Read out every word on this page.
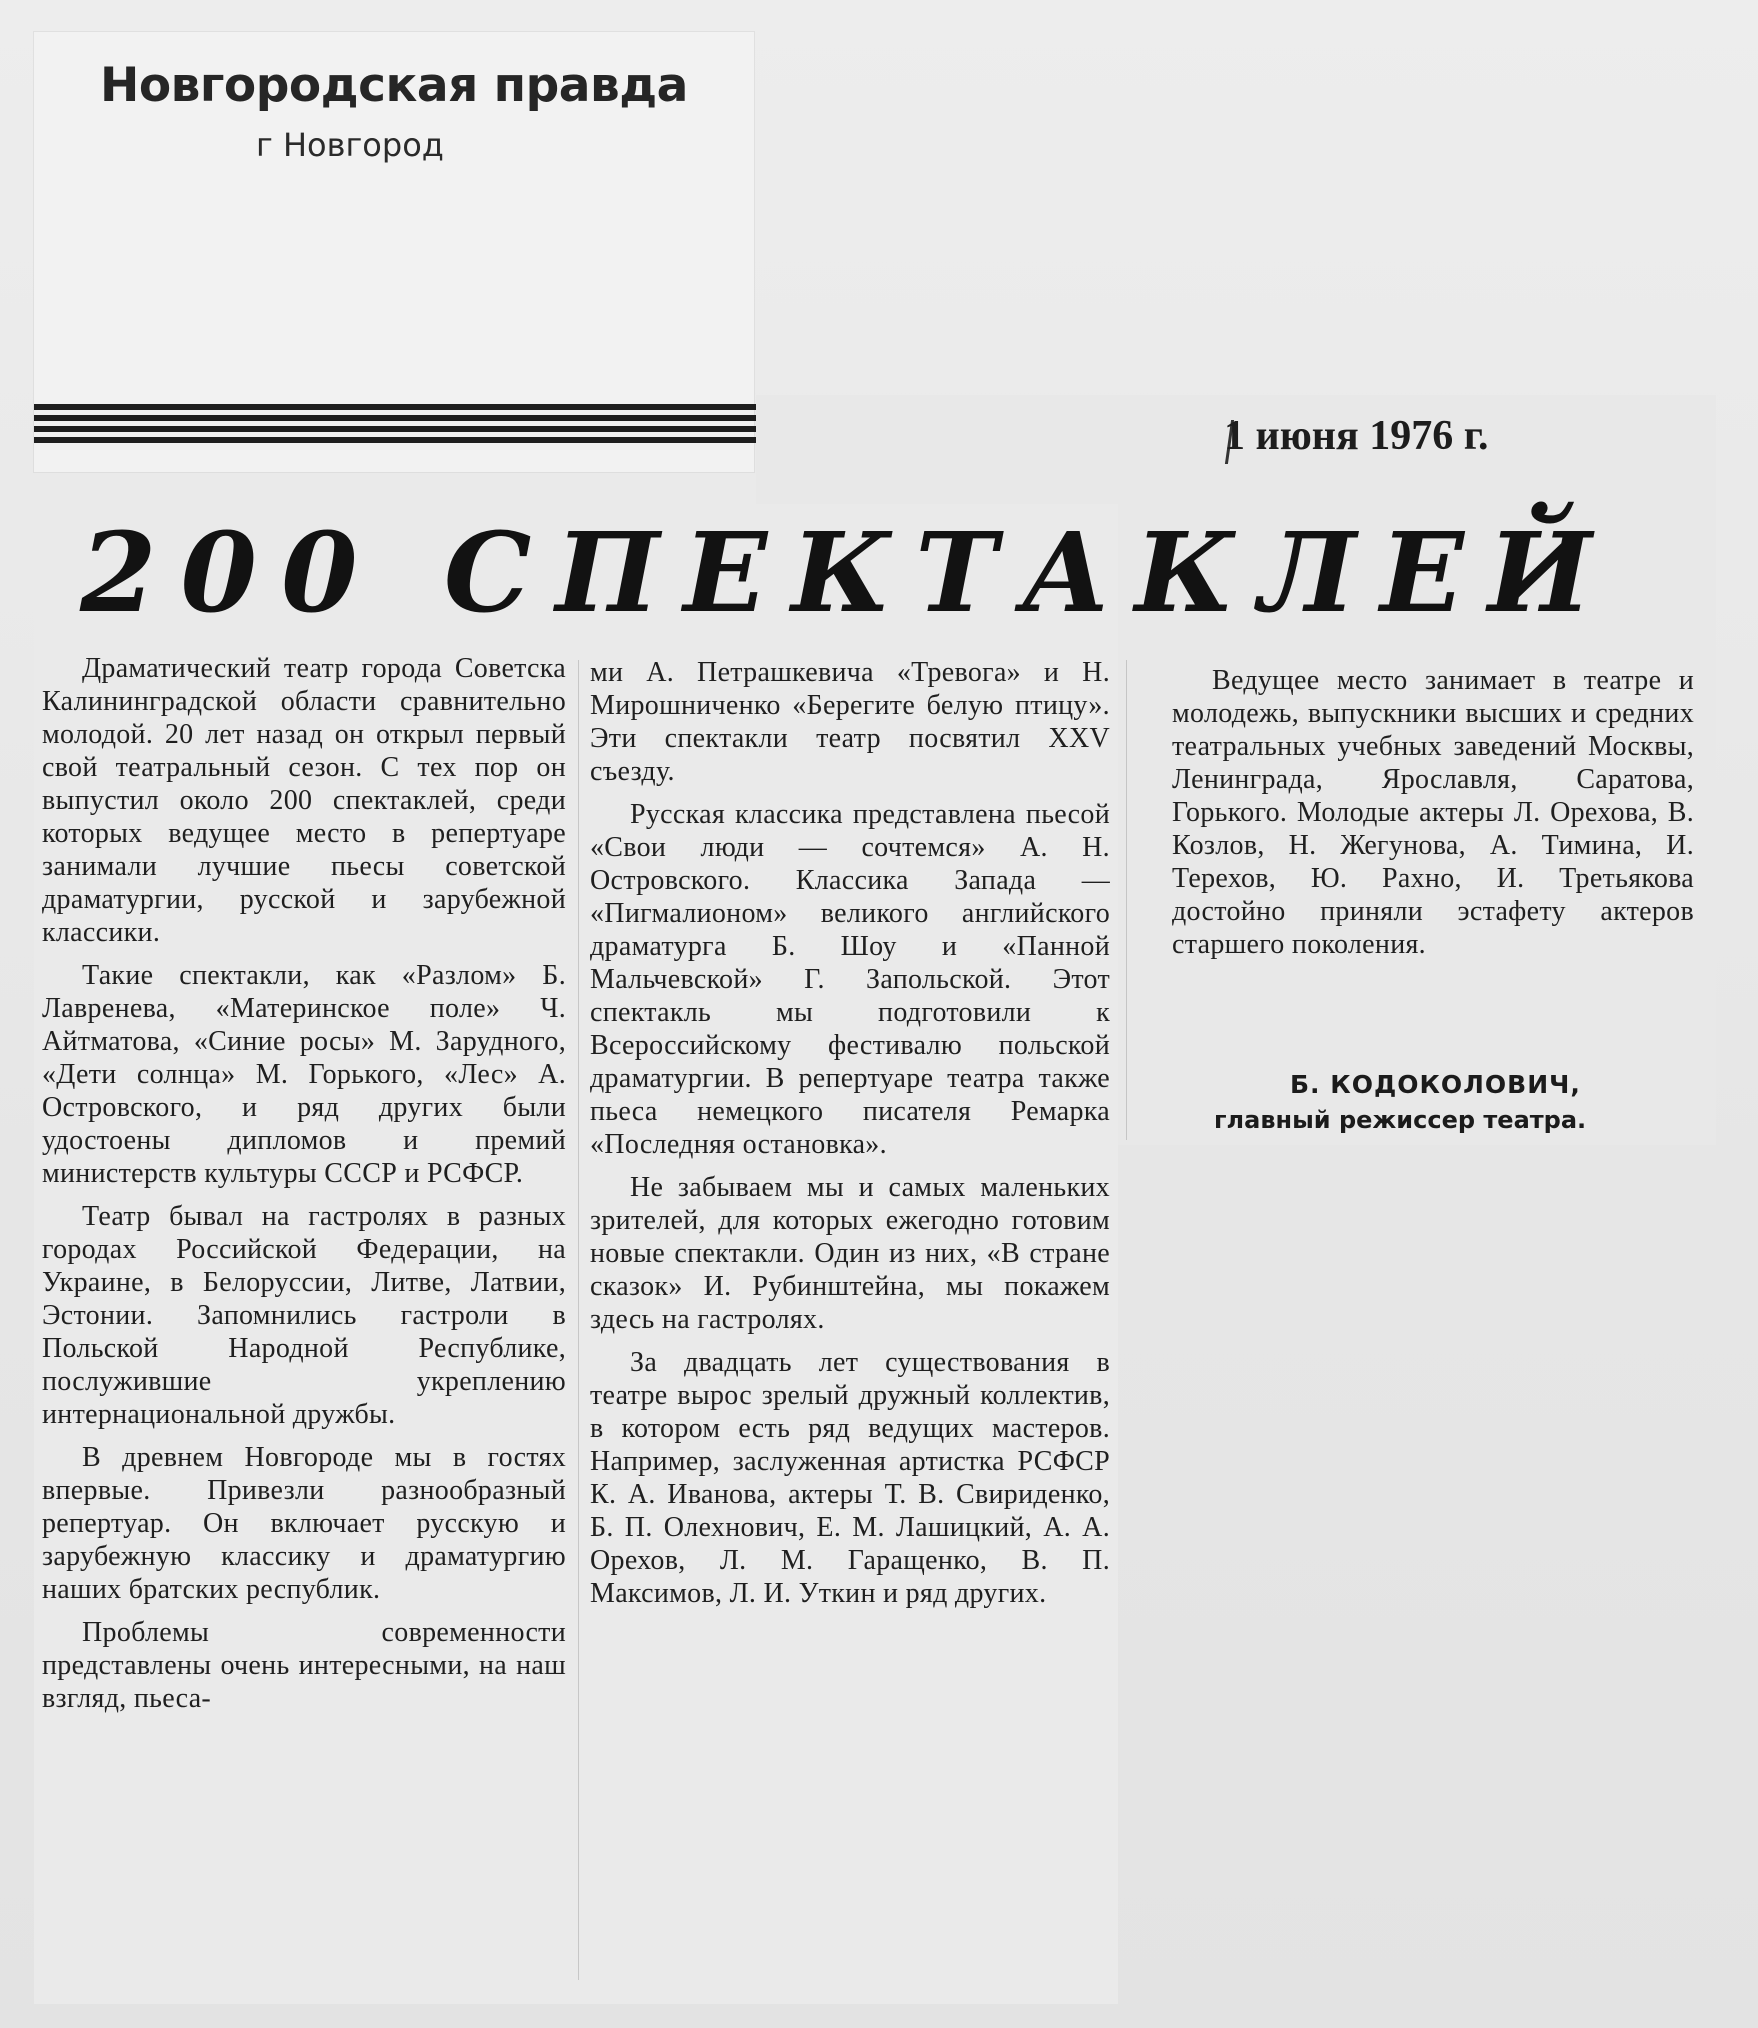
Новгородская правда
г Новгород
1 июня 1976 г.
200 СПЕКТАКЛЕЙ

Драматический театр города Советска Калининградской области сравнительно молодой. 20 лет назад он открыл первый свой театральный сезон. С тех пор он выпустил около 200 спектаклей, среди которых ведущее место в репертуаре занимали лучшие пьесы советской драматургии, русской и зарубежной классики.

Такие спектакли, как «Разлом» Б. Лавренева, «Материнское поле» Ч. Айтматова, «Синие росы» М. Зарудного, «Дети солнца» М. Горького, «Лес» А. Островского, и ряд других были удостоены дипломов и премий министерств культуры СССР и РСФСР.

Театр бывал на гастролях в разных городах Российской Федерации, на Украине, в Белоруссии, Литве, Латвии, Эстонии. Запомнились гастроли в Польской Народной Республике, послужившие укреплению интернациональной дружбы.

В древнем Новгороде мы в гостях впервые. Привезли разнообразный репертуар. Он включает русскую и зарубежную классику и драматургию наших братских республик.

Проблемы современности представлены очень интересными, на наш взгляд, пьеса-

ми А. Петрашкевича «Тревога» и Н. Мирошниченко «Берегите белую птицу». Эти спектакли театр посвятил XXV съезду.

Русская классика представлена пьесой «Свои люди — сочтемся» А. Н. Островского. Классика Запада — «Пигмалионом» великого английского драматурга Б. Шоу и «Панной Мальчевской» Г. Запольской. Этот спектакль мы подготовили к Всероссийскому фестивалю польской драматургии. В репертуаре театра также пьеса немецкого писателя Ремарка «Последняя остановка».

Не забываем мы и самых маленьких зрителей, для которых ежегодно готовим новые спектакли. Один из них, «В стране сказок» И. Рубинштейна, мы покажем здесь на гастролях.

За двадцать лет существования в театре вырос зрелый дружный коллектив, в котором есть ряд ведущих мастеров. Например, заслуженная артистка РСФСР К. А. Иванова, актеры Т. В. Свириденко, Б. П. Олехнович, Е. М. Лашицкий, А. А. Орехов, Л. М. Гаращенко, В. П. Максимов, Л. И. Уткин и ряд других.

Ведущее место занимает в театре и молодежь, выпускники высших и средних театральных учебных заведений Москвы, Ленинграда, Ярославля, Саратова, Горького. Молодые актеры Л. Орехова, В. Козлов, Н. Жегунова, А. Тимина, И. Терехов, Ю. Рахно, И. Третьякова достойно приняли эстафету актеров старшего поколения.

Б. КОДОКОЛОВИЧ,
главный режиссер театра.
